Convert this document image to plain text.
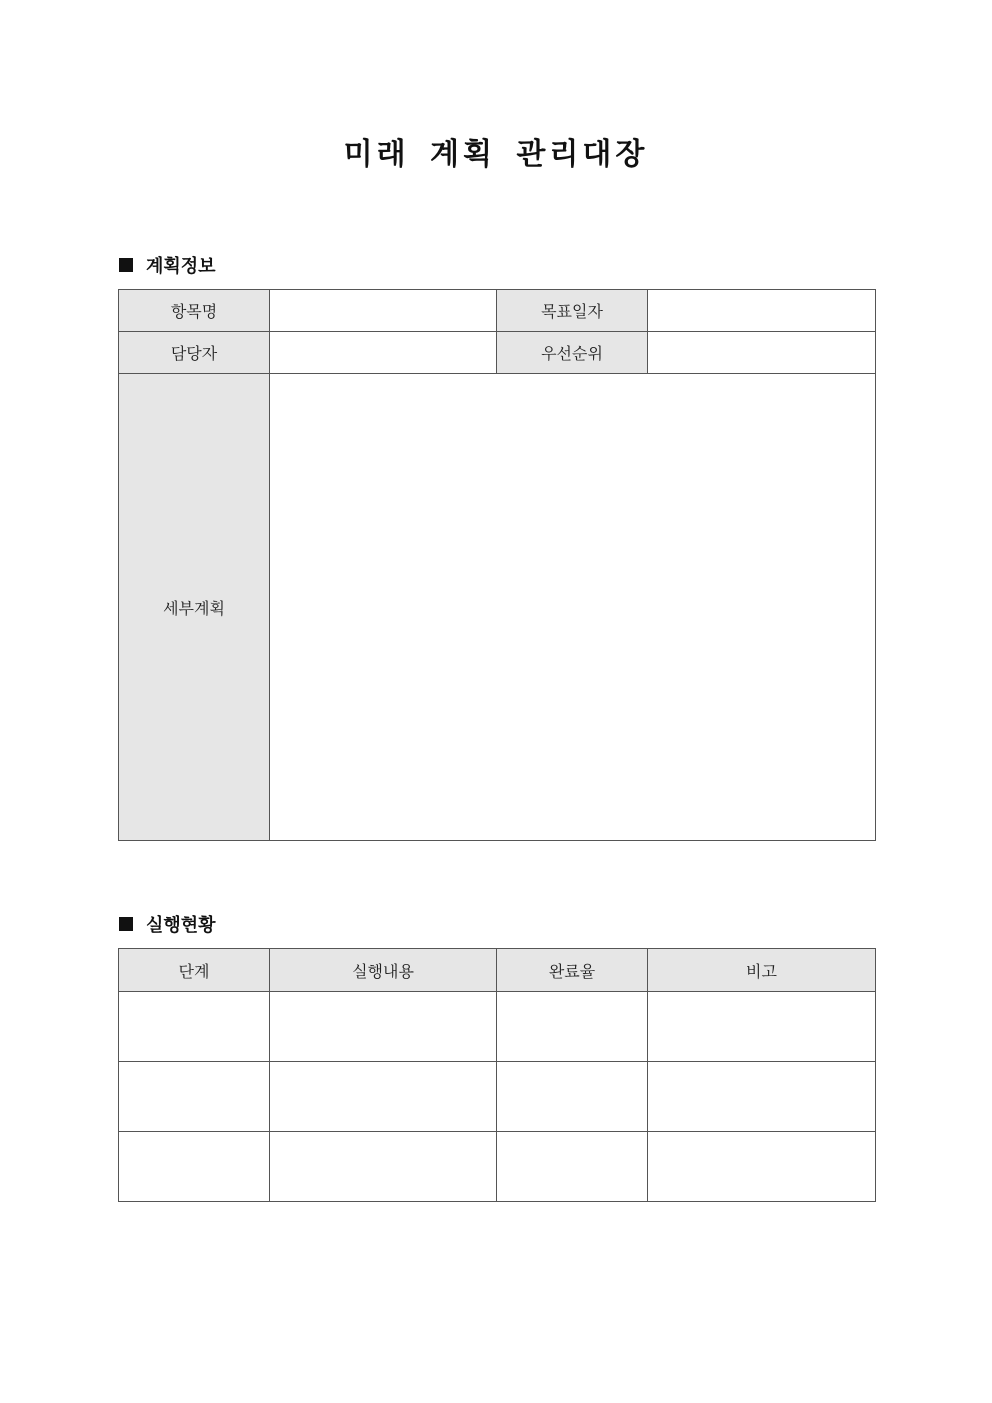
미래 계획 관리대장
계획정보
항목명		목표일자	
담당자		우선순위	
세부계획			
실행현황
단계	실행내용	완료율	비고
